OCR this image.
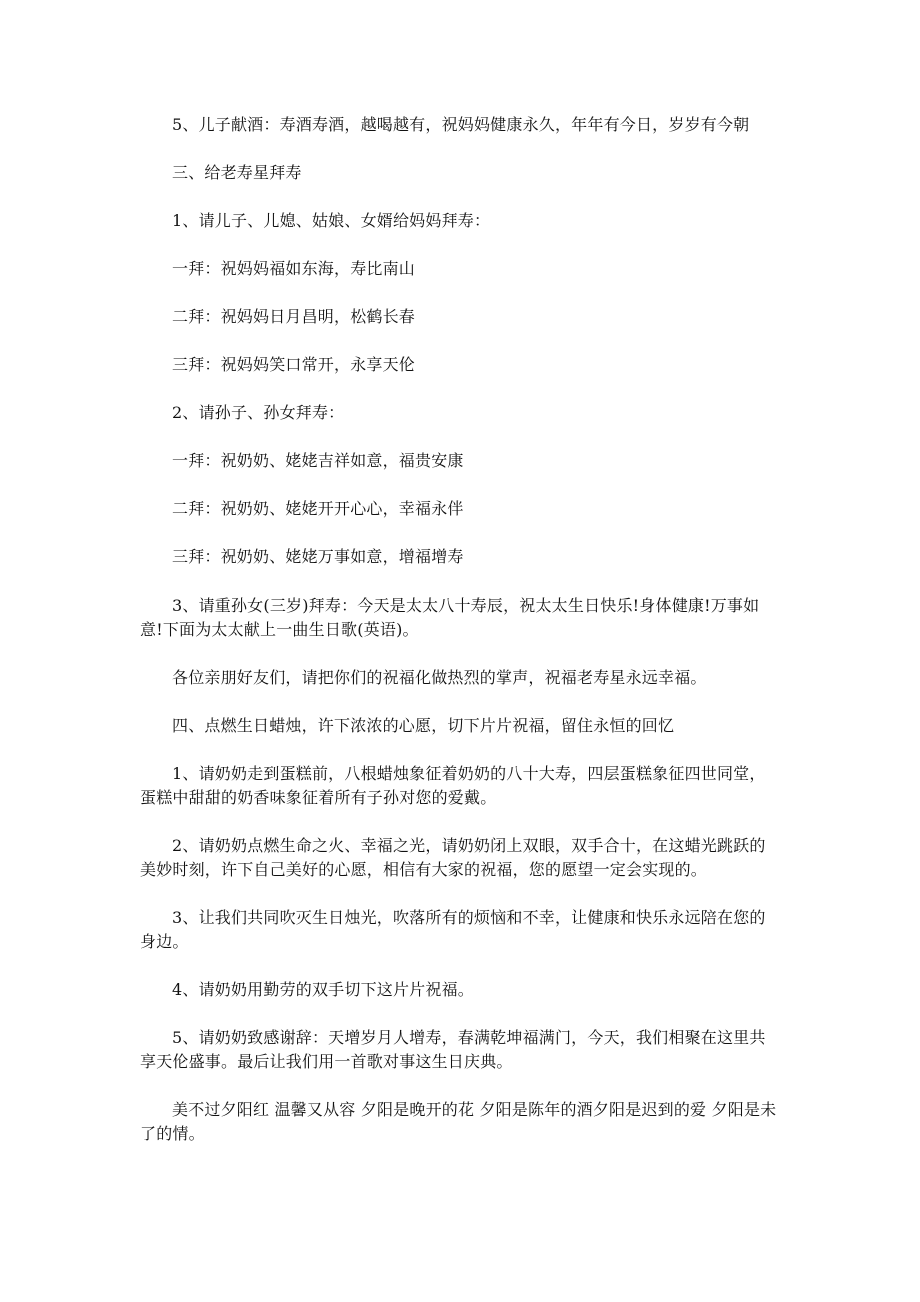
5、儿子献酒：寿酒寿酒，越喝越有，祝妈妈健康永久，年年有今日，岁岁有今朝

三、给老寿星拜寿

1、请儿子、儿媳、姑娘、女婿给妈妈拜寿：

一拜：祝妈妈福如东海，寿比南山

二拜：祝妈妈日月昌明，松鹤长春

三拜：祝妈妈笑口常开，永享天伦

2、请孙子、孙女拜寿：

一拜：祝奶奶、姥姥吉祥如意，福贵安康

二拜：祝奶奶、姥姥开开心心，幸福永伴

三拜：祝奶奶、姥姥万事如意，增福增寿

3、请重孙女(三岁)拜寿：今天是太太八十寿辰，祝太太生日快乐!身体健康!万事如意!下面为太太献上一曲生日歌(英语)。

各位亲朋好友们，请把你们的祝福化做热烈的掌声，祝福老寿星永远幸福。

四、点燃生日蜡烛，许下浓浓的心愿，切下片片祝福，留住永恒的回忆

1、请奶奶走到蛋糕前，八根蜡烛象征着奶奶的八十大寿，四层蛋糕象征四世同堂，蛋糕中甜甜的奶香味象征着所有子孙对您的爱戴。

2、请奶奶点燃生命之火、幸福之光，请奶奶闭上双眼，双手合十，在这蜡光跳跃的美妙时刻，许下自己美好的心愿，相信有大家的祝福，您的愿望一定会实现的。

3、让我们共同吹灭生日烛光，吹落所有的烦恼和不幸，让健康和快乐永远陪在您的身边。

4、请奶奶用勤劳的双手切下这片片祝福。

5、请奶奶致感谢辞：天增岁月人增寿，春满乾坤福满门，今天，我们相聚在这里共享天伦盛事。最后让我们用一首歌对事这生日庆典。

美不过夕阳红 温馨又从容 夕阳是晚开的花 夕阳是陈年的酒夕阳是迟到的爱 夕阳是未了的情。
